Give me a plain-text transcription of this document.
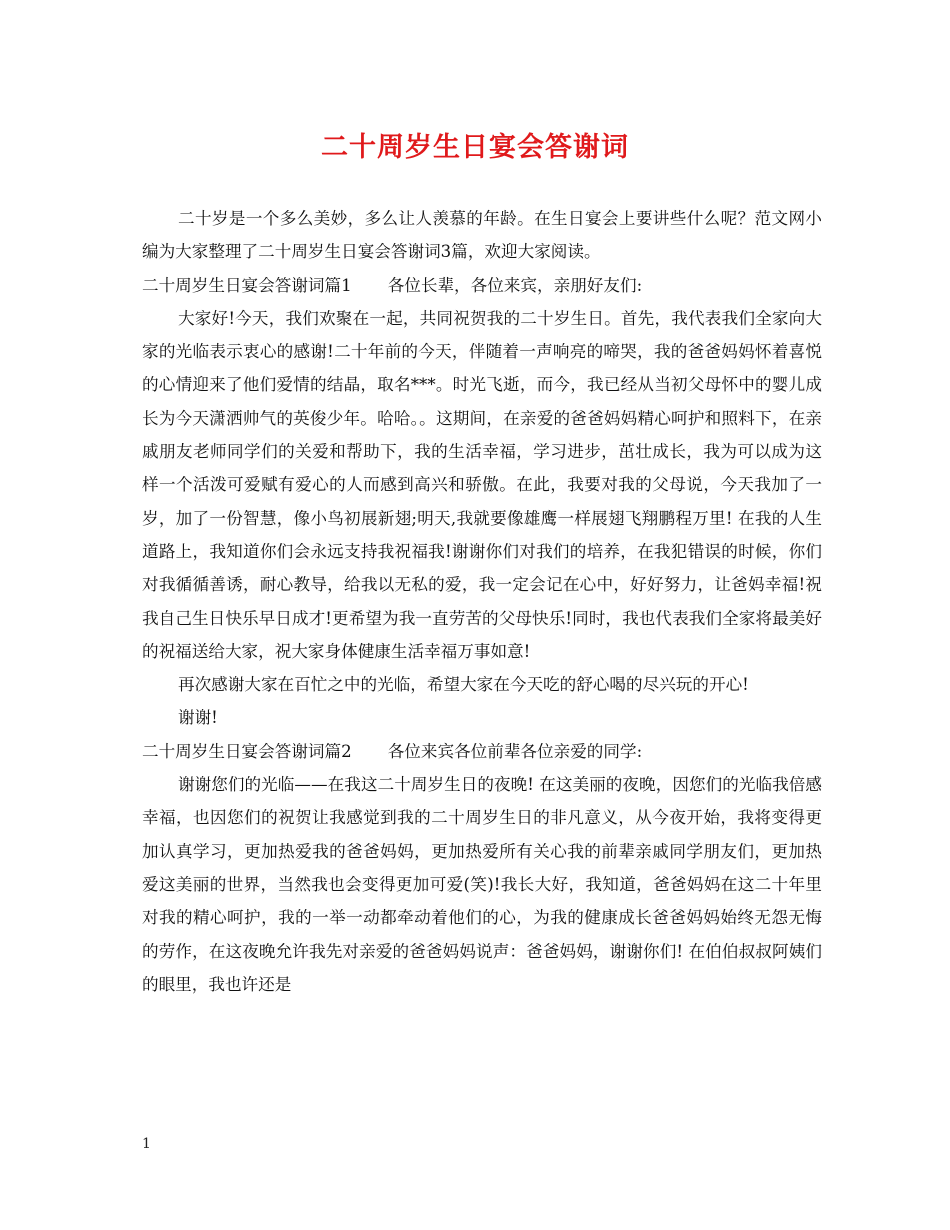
二十周岁生日宴会答谢词

二十岁是一个多么美妙，多么让人羡慕的年龄。在生日宴会上要讲些什么呢？范文网小编为大家整理了二十周岁生日宴会答谢词3篇，欢迎大家阅读。

二十周岁生日宴会答谢词篇1 各位长辈，各位来宾，亲朋好友们:

大家好!今天，我们欢聚在一起，共同祝贺我的二十岁生日。首先，我代表我们全家向大家的光临表示衷心的感谢!二十年前的今天，伴随着一声响亮的啼哭，我的爸爸妈妈怀着喜悦的心情迎来了他们爱情的结晶，取名***。时光飞逝，而今，我已经从当初父母怀中的婴儿成长为今天潇洒帅气的英俊少年。哈哈。。这期间，在亲爱的爸爸妈妈精心呵护和照料下，在亲戚朋友老师同学们的关爱和帮助下，我的生活幸福，学习进步，茁壮成长，我为可以成为这样一个活泼可爱赋有爱心的人而感到高兴和骄傲。在此，我要对我的父母说，今天我加了一岁，加了一份智慧，像小鸟初展新翅;明天,我就要像雄鹰一样展翅飞翔鹏程万里! 在我的人生道路上，我知道你们会永远支持我祝福我!谢谢你们对我们的培养，在我犯错误的时候，你们对我循循善诱，耐心教导，给我以无私的爱，我一定会记在心中，好好努力，让爸妈幸福!祝我自己生日快乐早日成才!更希望为我一直劳苦的父母快乐!同时，我也代表我们全家将最美好的祝福送给大家，祝大家身体健康生活幸福万事如意!

再次感谢大家在百忙之中的光临，希望大家在今天吃的舒心喝的尽兴玩的开心!

谢谢!

二十周岁生日宴会答谢词篇2 各位来宾各位前辈各位亲爱的同学:

谢谢您们的光临——在我这二十周岁生日的夜晚! 在这美丽的夜晚，因您们的光临我倍感幸福，也因您们的祝贺让我感觉到我的二十周岁生日的非凡意义，从今夜开始，我将变得更加认真学习，更加热爱我的爸爸妈妈，更加热爱所有关心我的前辈亲戚同学朋友们，更加热爱这美丽的世界，当然我也会变得更加可爱(笑)!我长大好，我知道，爸爸妈妈在这二十年里对我的精心呵护，我的一举一动都牵动着他们的心，为我的健康成长爸爸妈妈始终无怨无悔的劳作，在这夜晚允许我先对亲爱的爸爸妈妈说声：爸爸妈妈，谢谢你们! 在伯伯叔叔阿姨们的眼里，我也许还是

1
